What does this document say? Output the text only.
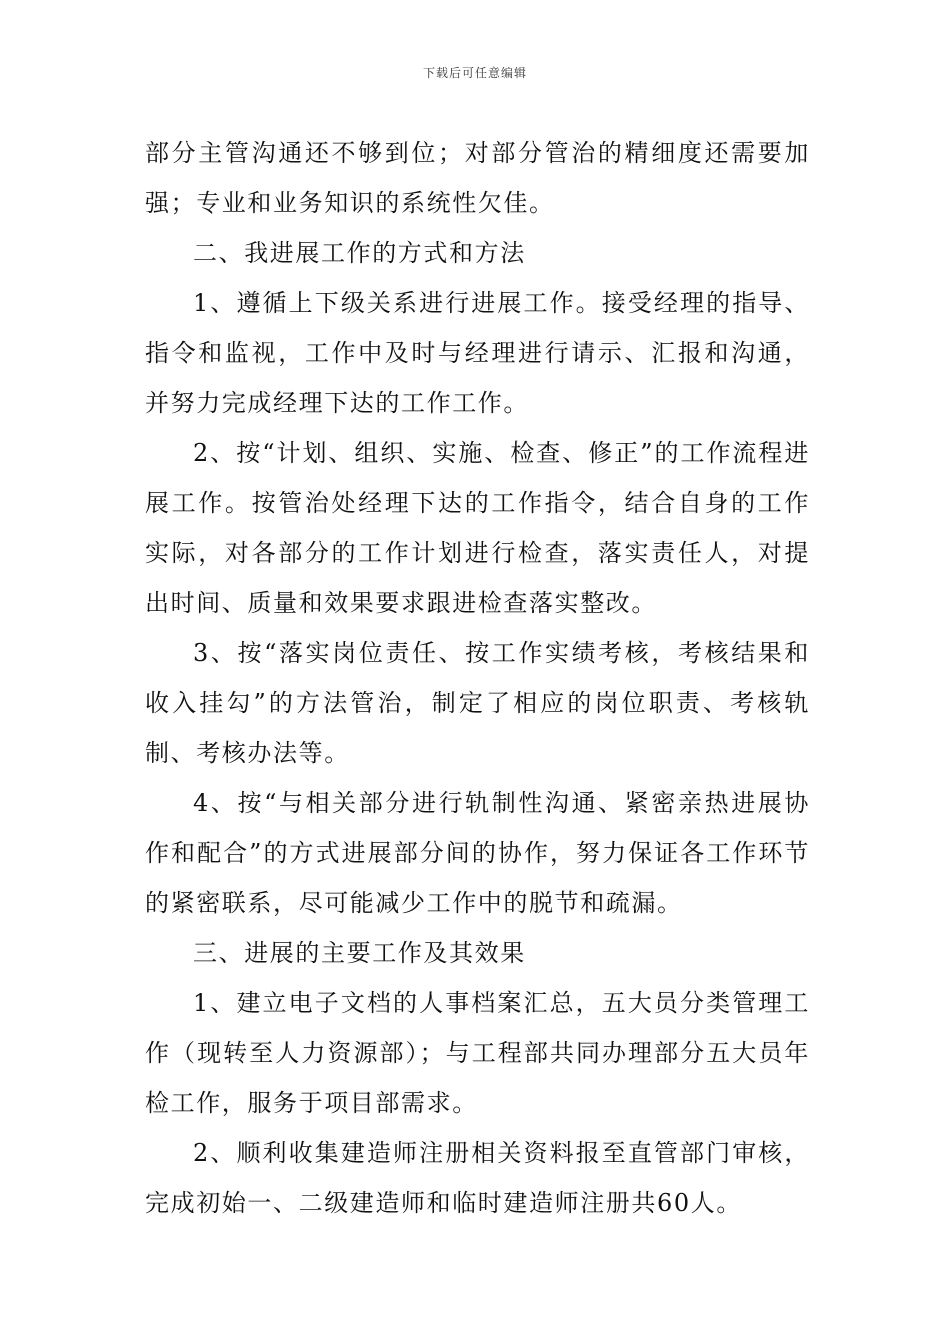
下载后可任意编辑

部分主管沟通还不够到位；对部分管治的精细度还需要加强；专业和业务知识的系统性欠佳。

二、我进展工作的方式和方法

1、遵循上下级关系进行进展工作。接受经理的指导、指令和监视，工作中及时与经理进行请示、汇报和沟通，并努力完成经理下达的工作工作。

2、按“计划、组织、实施、检查、修正”的工作流程进展工作。按管治处经理下达的工作指令，结合自身的工作实际，对各部分的工作计划进行检查，落实责任人，对提出时间、质量和效果要求跟进检查落实整改。

3、按“落实岗位责任、按工作实绩考核，考核结果和收入挂勾”的方法管治，制定了相应的岗位职责、考核轨制、考核办法等。

4、按“与相关部分进行轨制性沟通、紧密亲热进展协作和配合”的方式进展部分间的协作，努力保证各工作环节的紧密联系，尽可能减少工作中的脱节和疏漏。

三、进展的主要工作及其效果

1、建立电子文档的人事档案汇总，五大员分类管理工作（现转至人力资源部）；与工程部共同办理部分五大员年检工作，服务于项目部需求。

2、顺利收集建造师注册相关资料报至直管部门审核，完成初始一、二级建造师和临时建造师注册共60人。
